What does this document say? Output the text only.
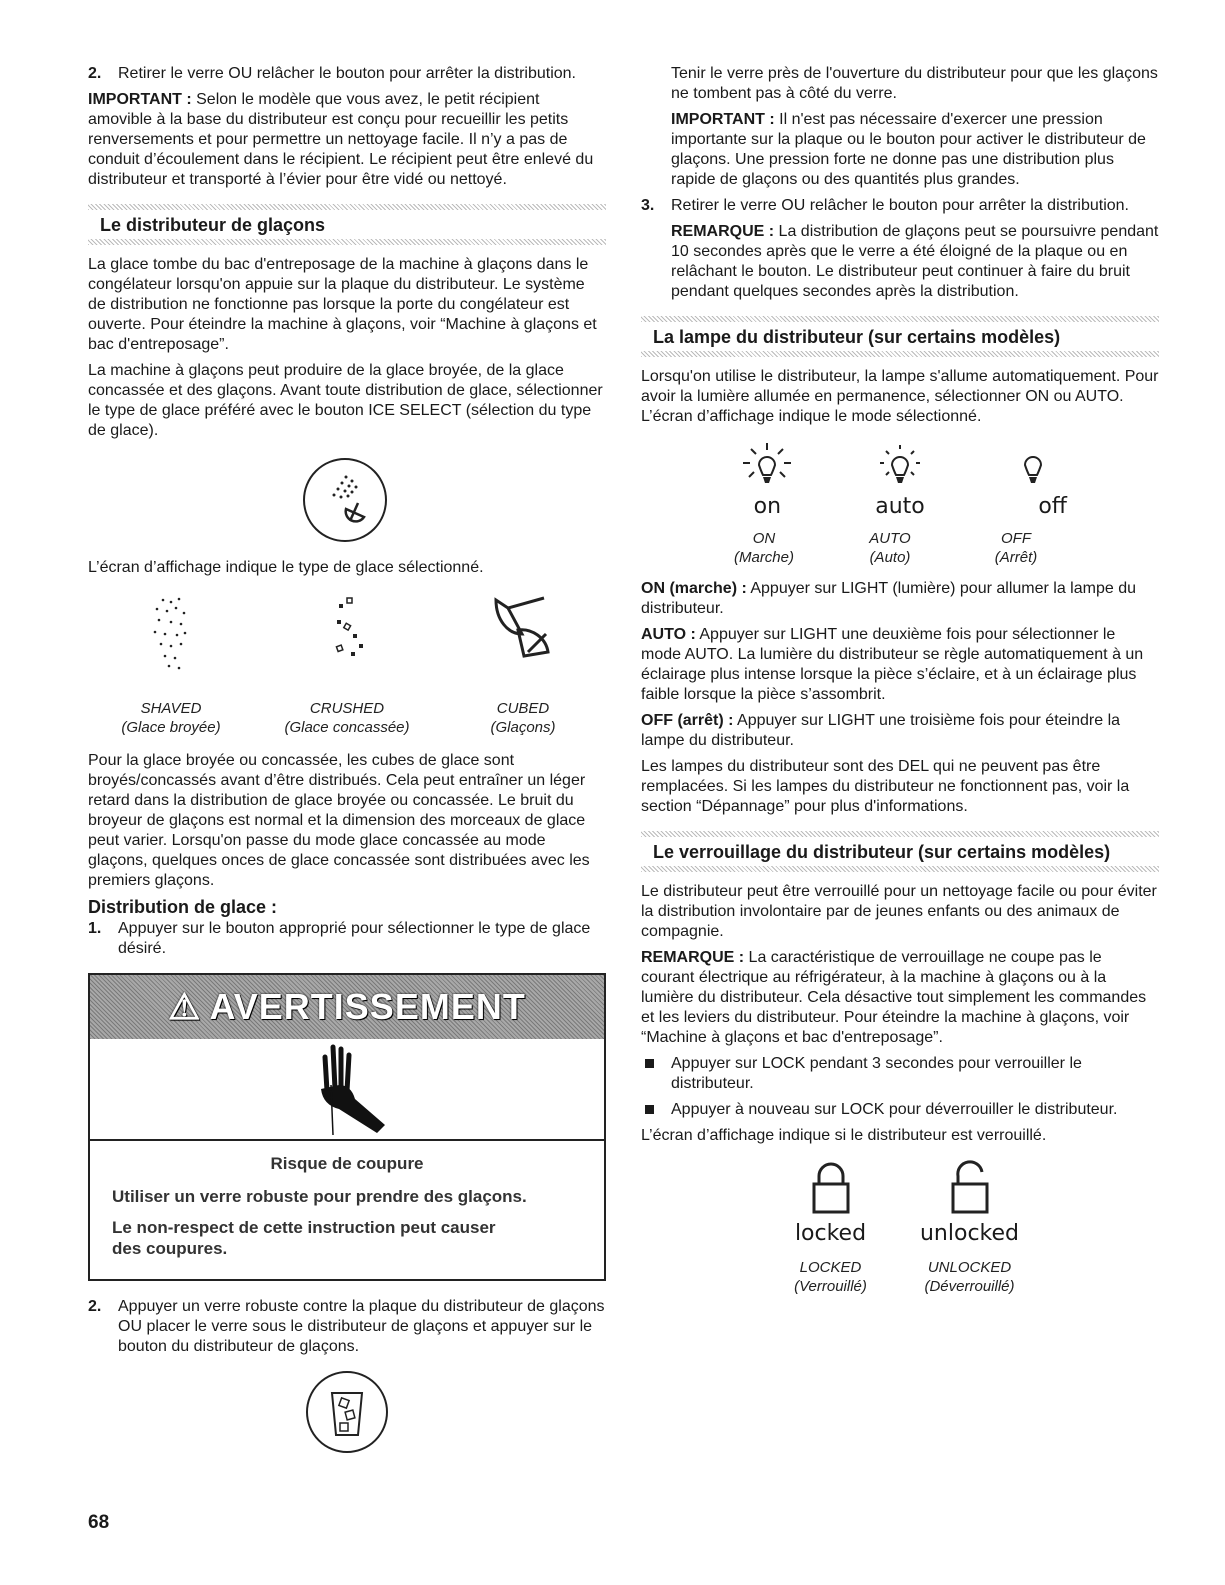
2. Retirer le verre OU relâcher le bouton pour arrêter la distribution.

IMPORTANT : Selon le modèle que vous avez, le petit récipient amovible à la base du distributeur est conçu pour recueillir les petits renversements et pour permettre un nettoyage facile. Il n’y a pas de conduit d’écoulement dans le récipient. Le récipient peut être enlevé du distributeur et transporté à l’évier pour être vidé ou nettoyé.

Le distributeur de glaçons

La glace tombe du bac d'entreposage de la machine à glaçons dans le congélateur lorsqu'on appuie sur la plaque du distributeur. Le système de distribution ne fonctionne pas lorsque la porte du congélateur est ouverte. Pour éteindre la machine à glaçons, voir “Machine à glaçons et bac d'entreposage”.

La machine à glaçons peut produire de la glace broyée, de la glace concassée et des glaçons. Avant toute distribution de glace, sélectionner le type de glace préféré avec le bouton ICE SELECT (sélection du type de glace).

L’écran d’affichage indique le type de glace sélectionné.

SHAVED
(Glace broyée)
CRUSHED
(Glace concassée)
CUBED
(Glaçons)

Pour la glace broyée ou concassée, les cubes de glace sont broyés/concassés avant d’être distribués. Cela peut entraîner un léger retard dans la distribution de glace broyée ou concassée. Le bruit du broyeur de glaçons est normal et la dimension des morceaux de glace peut varier. Lorsqu'on passe du mode glace concassée au mode glaçons, quelques onces de glace concassée sont distribuées avec les premiers glaçons.

Distribution de glace :

1. Appuyer sur le bouton approprié pour sélectionner le type de glace désiré.

⚠ AVERTISSEMENT

Risque de coupure

Utiliser un verre robuste pour prendre des glaçons.

Le non-respect de cette instruction peut causer des coupures.

2. Appuyer un verre robuste contre la plaque du distributeur de glaçons OU placer le verre sous le distributeur de glaçons et appuyer sur le bouton du distributeur de glaçons.

Tenir le verre près de l'ouverture du distributeur pour que les glaçons ne tombent pas à côté du verre.

IMPORTANT : Il n'est pas nécessaire d'exercer une pression importante sur la plaque ou le bouton pour activer le distributeur de glaçons. Une pression forte ne donne pas une distribution plus rapide de glaçons ou des quantités plus grandes.

3. Retirer le verre OU relâcher le bouton pour arrêter la distribution.

REMARQUE : La distribution de glaçons peut se poursuivre pendant 10 secondes après que le verre a été éloigné de la plaque ou en relâchant le bouton. Le distributeur peut continuer à faire du bruit pendant quelques secondes après la distribution.

La lampe du distributeur (sur certains modèles)

Lorsqu'on utilise le distributeur, la lampe s'allume automatiquement. Pour avoir la lumière allumée en permanence, sélectionner ON ou AUTO. L’écran d’affichage indique le mode sélectionné.

on	auto	off
ON
(Marche)
AUTO
(Auto)
OFF
(Arrêt)

ON (marche) : Appuyer sur LIGHT (lumière) pour allumer la lampe du distributeur.

AUTO : Appuyer sur LIGHT une deuxième fois pour sélectionner le mode AUTO. La lumière du distributeur se règle automatiquement à un éclairage plus intense lorsque la pièce s’éclaire, et à un éclairage plus faible lorsque la pièce s’assombrit.

OFF (arrêt) : Appuyer sur LIGHT une troisième fois pour éteindre la lampe du distributeur.

Les lampes du distributeur sont des DEL qui ne peuvent pas être remplacées. Si les lampes du distributeur ne fonctionnent pas, voir la section “Dépannage” pour plus d'informations.

Le verrouillage du distributeur (sur certains modèles)

Le distributeur peut être verrouillé pour un nettoyage facile ou pour éviter la distribution involontaire par de jeunes enfants ou des animaux de compagnie.

REMARQUE : La caractéristique de verrouillage ne coupe pas le courant électrique au réfrigérateur, à la machine à glaçons ou à la lumière du distributeur. Cela désactive tout simplement les commandes et les leviers du distributeur. Pour éteindre la machine à glaçons, voir “Machine à glaçons et bac d'entreposage”.

Appuyer sur LOCK pendant 3 secondes pour verrouiller le distributeur.

Appuyer à nouveau sur LOCK pour déverrouiller le distributeur.

L’écran d’affichage indique si le distributeur est verrouillé.

locked	unlocked
LOCKED
(Verrouillé)
UNLOCKED
(Déverrouillé)
68
